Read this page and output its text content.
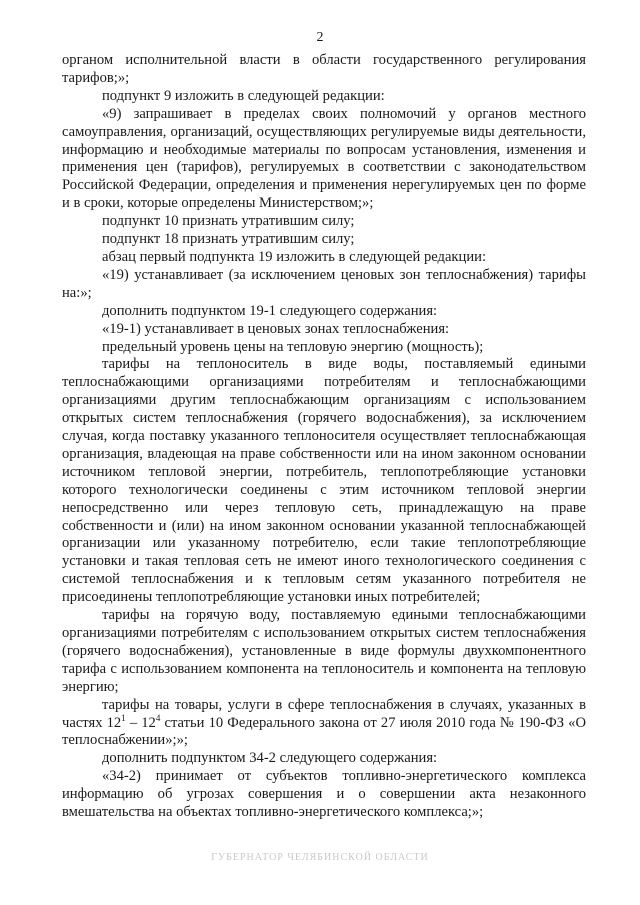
2

органом исполнительной власти в области государственного регулирования тарифов;»;

подпункт 9 изложить в следующей редакции:

«9) запрашивает в пределах своих полномочий у органов местного самоуправления, организаций, осуществляющих регулируемые виды деятельности, информацию и необходимые материалы по вопросам установления, изменения и применения цен (тарифов), регулируемых в соответствии с законодательством Российской Федерации, определения и применения нерегулируемых цен по форме и в сроки, которые определены Министерством;»;

подпункт 10 признать утратившим силу;

подпункт 18 признать утратившим силу;

абзац первый подпункта 19 изложить в следующей редакции:

«19) устанавливает (за исключением ценовых зон теплоснабжения) тарифы на:»;

дополнить подпунктом 19-1 следующего содержания:

«19-1) устанавливает в ценовых зонах теплоснабжения:

предельный уровень цены на тепловую энергию (мощность);

тарифы на теплоноситель в виде воды, поставляемый едиными теплоснабжающими организациями потребителям и теплоснабжающими организациями другим теплоснабжающим организациям с использованием открытых систем теплоснабжения (горячего водоснабжения), за исключением случая, когда поставку указанного теплоносителя осуществляет теплоснабжающая организация, владеющая на праве собственности или на ином законном основании источником тепловой энергии, потребитель, теплопотребляющие установки которого технологически соединены с этим источником тепловой энергии непосредственно или через тепловую сеть, принадлежащую на праве собственности и (или) на ином законном основании указанной теплоснабжающей организации или указанному потребителю, если такие теплопотребляющие установки и такая тепловая сеть не имеют иного технологического соединения с системой теплоснабжения и к тепловым сетям указанного потребителя не присоединены теплопотребляющие установки иных потребителей;

тарифы на горячую воду, поставляемую едиными теплоснабжающими организациями потребителям с использованием открытых систем теплоснабжения (горячего водоснабжения), установленные в виде формулы двухкомпонентного тарифа с использованием компонента на теплоноситель и компонента на тепловую энергию;

тарифы на товары, услуги в сфере теплоснабжения в случаях, указанных в частях $12^1 - 12^4$ статьи 10 Федерального закона от 27 июля 2010 года № 190-ФЗ «О теплоснабжении»;»;

дополнить подпунктом 34-2 следующего содержания:

«34-2) принимает от субъектов топливно-энергетического комплекса информацию об угрозах совершения и о совершении акта незаконного вмешательства на объектах топливно-энергетического комплекса;»;

ГУБЕРНАТОР ЧЕЛЯБИНСКОЙ ОБЛАСТИ
